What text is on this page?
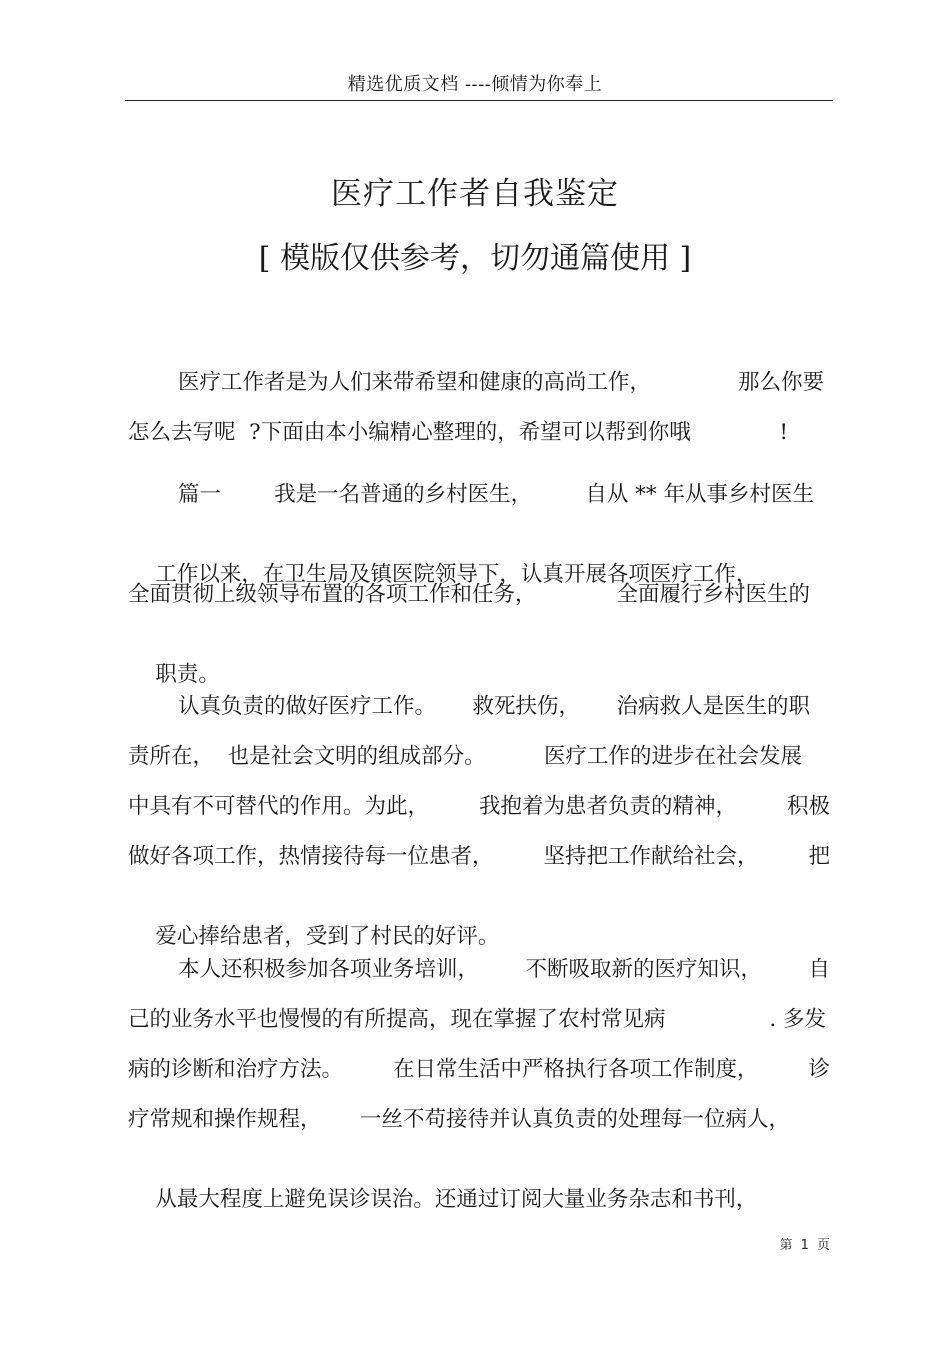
精选优质文档 ----倾情为你奉上
医疗工作者自我鉴定
[ 模版仅供参考，切勿通篇使用 ]
医疗工作者是为人们来带希望和健康的高尚工作，	那么你要
怎么去写呢  ?下面由本小编精心整理的，希望可以帮到你哦	!
篇一 我是一名普通的乡村医生， 自从 ** 年从事乡村医生

工作以来，在卫生局及镇医院领导下，认真开展各项医疗工作，

全面贯彻上级领导布置的各项工作和任务，	全面履行乡村医生的

职责。

认真负责的做好医疗工作。 救死扶伤， 治病救人是医生的职
责所在，  也是社会文明的组成部分。	医疗工作的进步在社会发展
中具有不可替代的作用。为此， 我抱着为患者负责的精神， 积极
做好各项工作，热情接待每一位患者， 坚持把工作献给社会， 把

爱心捧给患者，受到了村民的好评。

本人还积极参加各项业务培训， 不断吸取新的医疗知识， 自
己的业务水平也慢慢的有所提高，现在掌握了农村常见病	. 多发
病的诊断和治疗方法。 在日常生活中严格执行各项工作制度， 诊
疗常规和操作规程， 一丝不苟接待并认真负责的处理每一位病人，

从最大程度上避免误诊误治。还通过订阅大量业务杂志和书刊，

第 1 页
